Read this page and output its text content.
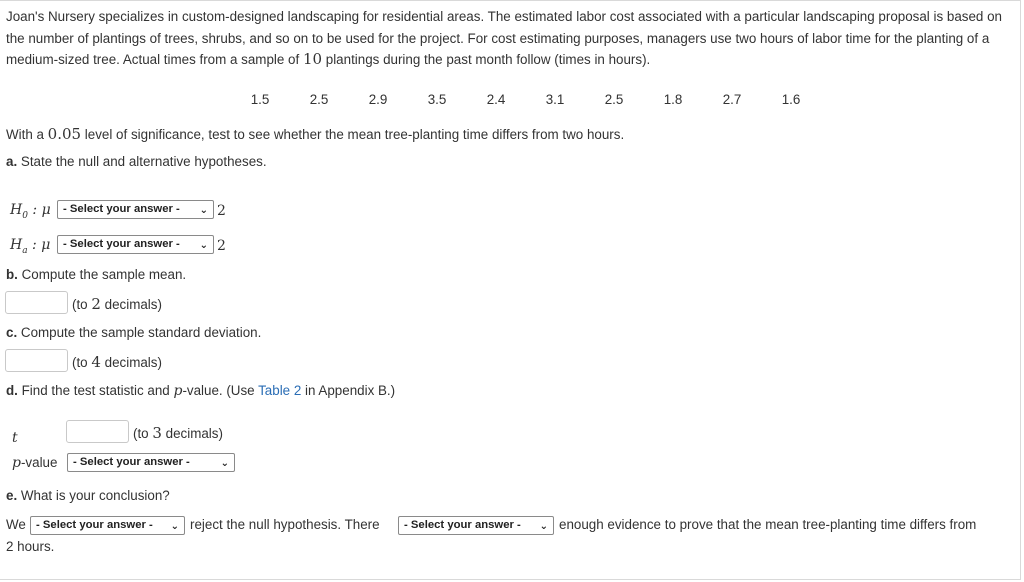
Joan's Nursery specializes in custom-designed landscaping for residential areas. The estimated labor cost associated with a particular landscaping proposal is based on the number of plantings of trees, shrubs, and so on to be used for the project. For cost estimating purposes, managers use two hours of labor time for the planting of a medium-sized tree. Actual times from a sample of 10 plantings during the past month follow (times in hours).
1.5	2.5	2.9	3.5	2.4	3.1	2.5	1.8	2.7	1.6
With a 0.05 level of significance, test to see whether the mean tree-planting time differs from two hours.
a. State the null and alternative hypotheses.
$H_0$ : μ	- Select your answer - ⌄ 2
$H_a$ : μ	- Select your answer - ⌄ 2
b. Compute the sample mean.
(to 2 decimals)
c. Compute the sample standard deviation.
(to 4 decimals)
d. Find the test statistic and p-value. (Use Table 2 in Appendix B.)
t	(to 3 decimals)
p-value	- Select your answer -	⌄
e. What is your conclusion?
We - Select your answer - ⌄ reject the null hypothesis. There	- Select your answer - ⌄ enough evidence to prove that the mean tree-planting time differs from
2 hours.
